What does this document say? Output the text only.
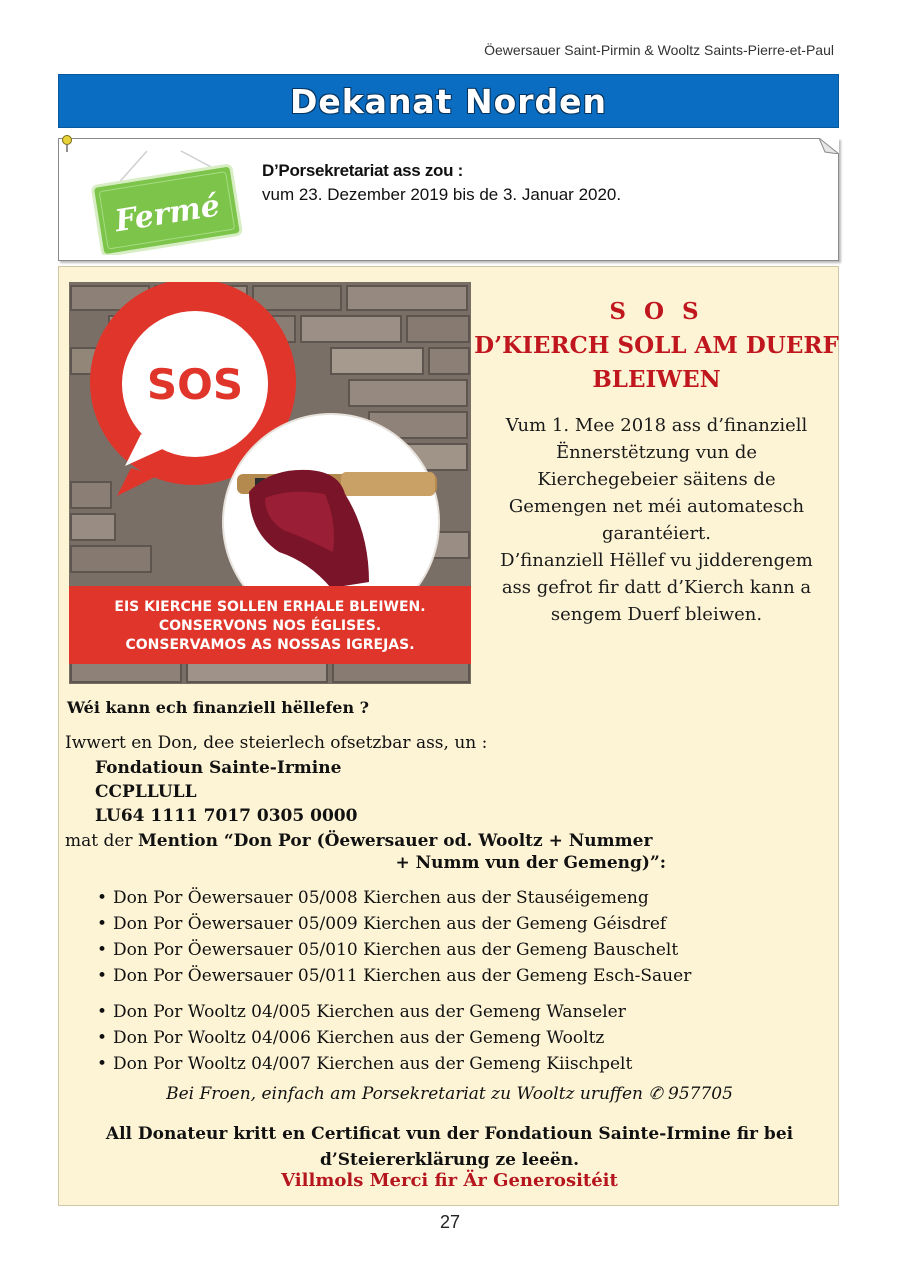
Öewersauer Saint-Pirmin & Wooltz Saints-Pierre-et-Paul
Dekanat Norden
Fermé
D’Porsekretariat ass zou :
vum 23. Dezember 2019 bis de 3. Januar 2020.
SOS
EIS KIERCHE SOLLEN ERHALE BLEIWEN.
CONSERVONS NOS ÉGLISES.
CONSERVAMOS AS NOSSAS IGREJAS.
S O S
D’KIERCH SOLL AM DUERF
BLEIWEN
Vum 1. Mee 2018 ass d’finanziell
Ënnerstëtzung vun de
Kierchegebeier säitens de
Gemengen net méi automatesch
garantéiert.
D’finanziell Hëllef vu jidderengem
ass gefrot fir datt d’Kierch kann a
sengem Duerf bleiwen.
Wéi kann ech finanziell hëllefen ?
Iwwert en Don, dee steierlech ofsetzbar ass, un :
Fondatioun Sainte-Irmine
CCPLLULL
LU64 1111 7017 0305 0000
mat der Mention “Don Por (Öewersauer od. Wooltz + Nummer
+ Numm vun der Gemeng)”:
• Don Por Öewersauer 05/008 Kierchen aus der Stauséigemeng
• Don Por Öewersauer 05/009 Kierchen aus der Gemeng Géisdref
• Don Por Öewersauer 05/010 Kierchen aus der Gemeng Bauschelt
• Don Por Öewersauer 05/011 Kierchen aus der Gemeng Esch-Sauer
• Don Por Wooltz 04/005 Kierchen aus der Gemeng Wanseler
• Don Por Wooltz 04/006 Kierchen aus der Gemeng Wooltz
• Don Por Wooltz 04/007 Kierchen aus der Gemeng Kiischpelt
Bei Froen, einfach am Porsekretariat zu Wooltz uruffen ✆ 957705
All Donateur kritt en Certificat vun der Fondatioun Sainte-Irmine fir bei
d’Steiererklärung ze leeën.
Villmols Merci fir Är Generositéit
27
